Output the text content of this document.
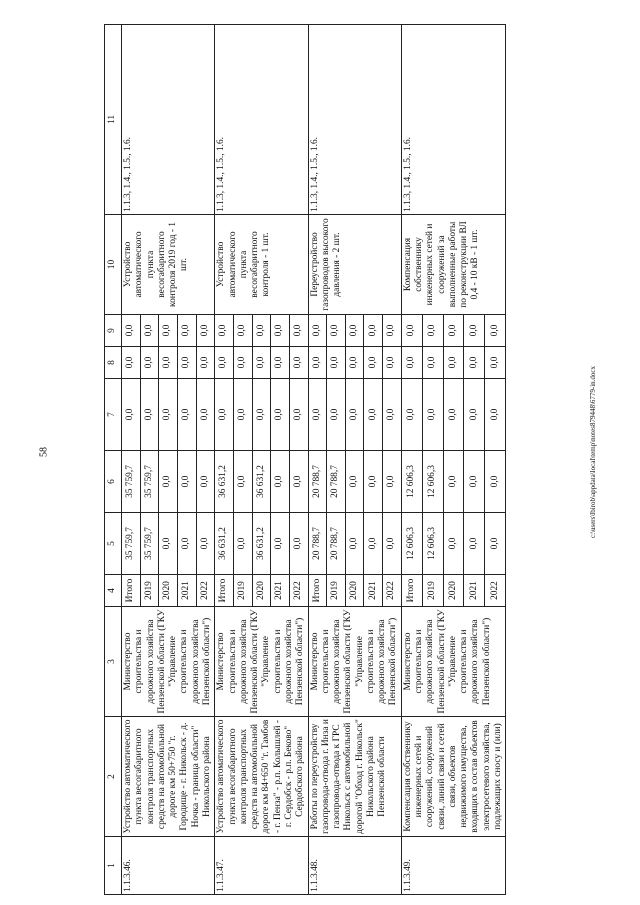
58
1	2	3	4	5	6	7	8	9	10	11
1.1.3.46.	Устройство автоматического пункта весогабаритного контроля транспортных средств на автомобильной дороге км 50+750 "г. Городище - г. Никольск - д. Ночка - граница области" Никольского района	Министерство строительства и дорожного хозяйства Пензенской области (ГКУ "Управление строительства и дорожного хозяйства Пензенской области")	Итого	35 759,7	35 759,7	0,0	0,0	0,0	Устройство автоматического пункта весогабаритного контроля 2019 год - 1 шт.	1.1.3, 1.4., 1.5., 1.6.
			2019	35 759,7	35 759,7	0,0	0,0	0,0		
			2020	0,0	0,0	0,0	0,0	0,0		
			2021	0,0	0,0	0,0	0,0	0,0		
			2022	0,0	0,0	0,0	0,0	0,0		
1.1.3.47.	Устройство автоматического пункта весогабаритного контроля транспортных средств на автомобильной дороге км 84+650 "г. Тамбов - г. Пенза" - р.п. Колышлей - г. Сердобск - р.п. Беково" Сердобского района	Министерство строительства и дорожного хозяйства Пензенской области (ГКУ "Управление строительства и дорожного хозяйства Пензенской области")	Итого	36 631,2	36 631,2	0,0	0,0	0,0	Устройство автоматического пункта весогабаритного контроля - 1 шт.	1.1.3, 1.4., 1.5., 1.6.
			2019	0,0	0,0	0,0	0,0	0,0		
			2020	36 631,2	36 631,2	0,0	0,0	0,0		
			2021	0,0	0,0	0,0	0,0	0,0		
			2022	0,0	0,0	0,0	0,0	0,0		
1.1.3.48.	Работы по переустройству газопровода-отвода г. Инза и газопровода-отвода к ГРС Никольск с автомобильной дорогой "Обход г. Никольск" Никольского района Пензенской области	Министерство строительства и дорожного хозяйства Пензенской области (ГКУ "Управление строительства и дорожного хозяйства Пензенской области")	Итого	20 788,7	20 788,7	0,0	0,0	0,0	Переустройство газопроводов высокого давления - 2 шт.	1.1.3, 1.4., 1.5., 1.6.
			2019	20 788,7	20 788,7	0,0	0,0	0,0		
			2020	0,0	0,0	0,0	0,0	0,0		
			2021	0,0	0,0	0,0	0,0	0,0		
			2022	0,0	0,0	0,0	0,0	0,0		
1.1.3.49.	Компенсация собственнику инженерных сетей и сооружений, сооружений связи, линий связи и сетей связи, объектов недвижимого имущества, входящих в состав объектов электросетевого хозяйства, подлежащих сносу и (или)	Министерство строительства и дорожного хозяйства Пензенской области (ГКУ "Управление строительства и дорожного хозяйства Пензенской области")	Итого	12 606,3	12 606,3	0,0	0,0	0,0	Компенсация собственнику инженерных сетей и сооружений за выполненные работы по реконструкции ВЛ 0,4 - 10 кВ - 1 шт.	1.1.3, 1.4., 1.5., 1.6.
			2019	12 606,3	12 606,3	0,0	0,0	0,0		
			2020	0,0	0,0	0,0	0,0	0,0		
			2021	0,0	0,0	0,0	0,0	0,0		
			2022	0,0	0,0	0,0	0,0	0,0		
c:\users\lbirob\appdata\local\temp\notes879448\6779-in.docx
